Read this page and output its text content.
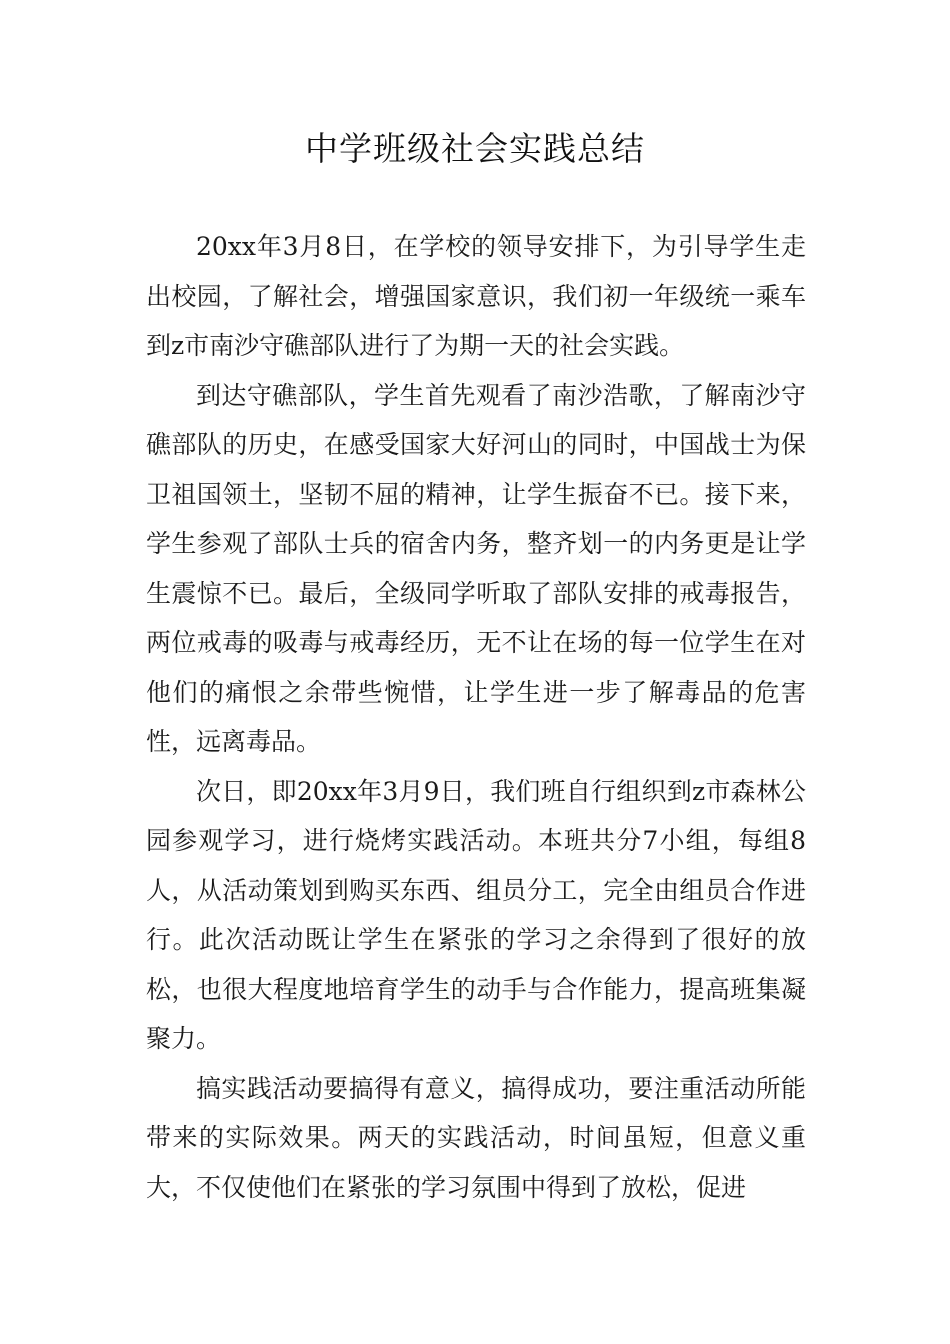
中学班级社会实践总结

20xx年3月8日，在学校的领导安排下，为引导学生走出校园，了解社会，增强国家意识，我们初一年级统一乘车到z市南沙守礁部队进行了为期一天的社会实践。

到达守礁部队，学生首先观看了南沙浩歌，了解南沙守礁部队的历史，在感受国家大好河山的同时，中国战士为保卫祖国领土，坚韧不屈的精神，让学生振奋不已。接下来，学生参观了部队士兵的宿舍内务，整齐划一的内务更是让学生震惊不已。最后，全级同学听取了部队安排的戒毒报告，两位戒毒的吸毒与戒毒经历，无不让在场的每一位学生在对他们的痛恨之余带些惋惜，让学生进一步了解毒品的危害性，远离毒品。

次日，即20xx年3月9日，我们班自行组织到z市森林公园参观学习，进行烧烤实践活动。本班共分7小组，每组8人，从活动策划到购买东西、组员分工，完全由组员合作进行。此次活动既让学生在紧张的学习之余得到了很好的放松，也很大程度地培育学生的动手与合作能力，提高班集凝聚力。

搞实践活动要搞得有意义，搞得成功，要注重活动所能带来的实际效果。两天的实践活动，时间虽短，但意义重大，不仅使他们在紧张的学习氛围中得到了放松，促进
